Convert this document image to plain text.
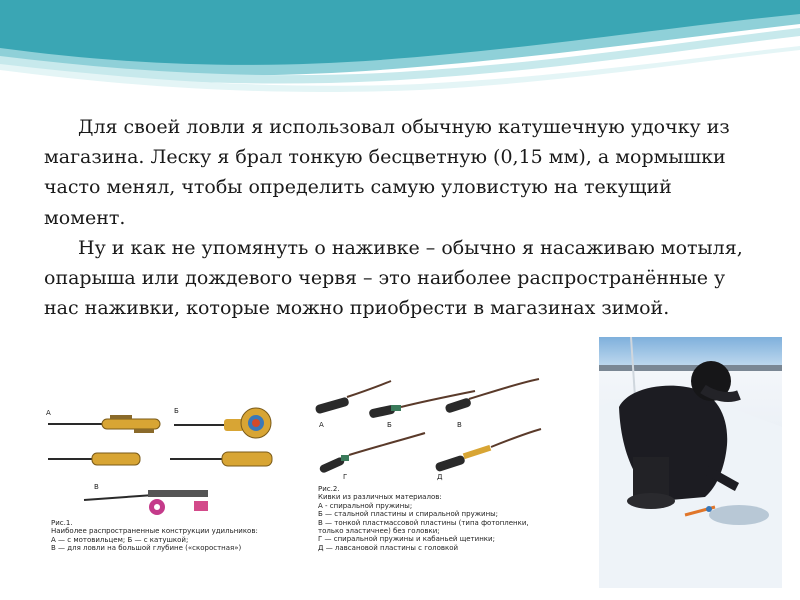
Для своей ловли я использовал обычную катушечную удочку из магазина. Леску я брал тонкую бесцветную (0,15 мм), а мормышки часто менял, чтобы определить самую уловистую на текущий момент.

Ну и как не упомянуть о наживке – обычно я насаживаю мотыля, опарыша или дождевого червя – это наиболее распространённые у нас наживки, которые можно приобрести в магазинах зимой.

А	Б
В
Рис.1.
Наиболее распространенные конструкции удильников:
А — с мотовильцем; Б — с катушкой;
В — для ловли на большой глубине («скоростная»)
А	Б	В
Г	Д
Рис.2.
Кивки из различных материалов:
А - спиральной пружины;
Б — стальной пластины и спиральной пружины;
В — тонкой пластмассовой пластины (типа фотопленки,
только эластичнее) без головки;
Г — спиральной пружины и кабаньей щетинки;
Д — лавсановой пластины с головкой
